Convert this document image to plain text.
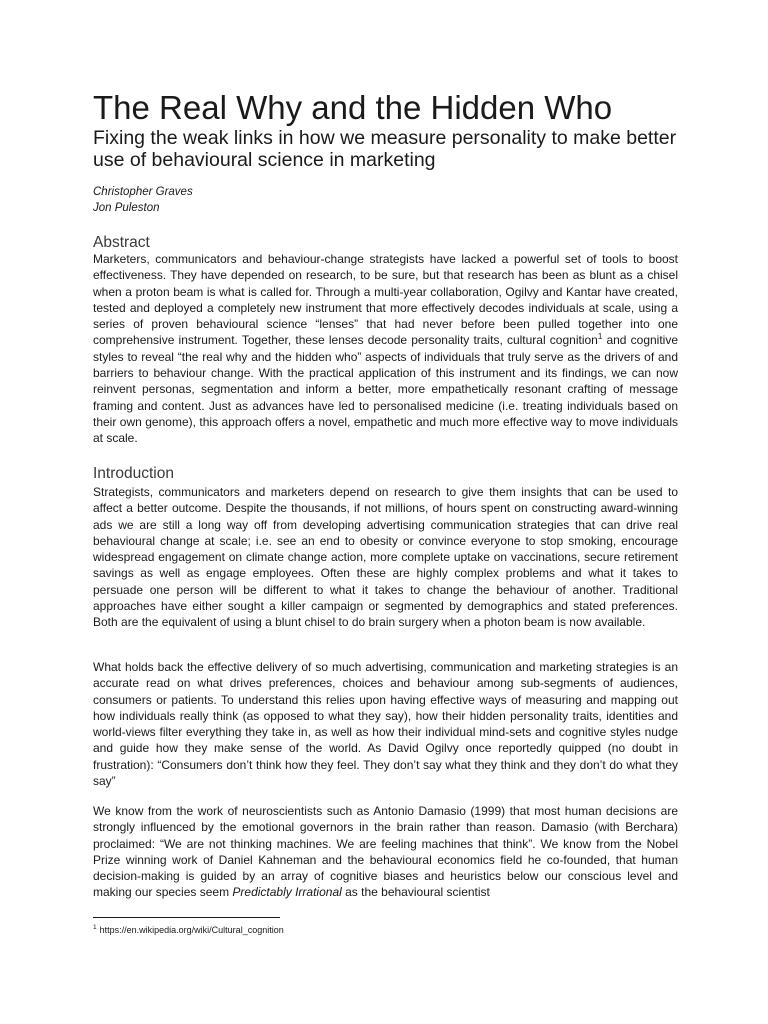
The Real Why and the Hidden Who
Fixing the weak links in how we measure personality to make better use of behavioural science in marketing
Christopher Graves
Jon Puleston
Abstract

Marketers, communicators and behaviour-change strategists have lacked a powerful set of tools to boost effectiveness. They have depended on research, to be sure, but that research has been as blunt as a chisel when a proton beam is what is called for. Through a multi-year collaboration, Ogilvy and Kantar have created, tested and deployed a completely new instrument that more effectively decodes individuals at scale, using a series of proven behavioural science “lenses” that had never before been pulled together into one comprehensive instrument. Together, these lenses decode personality traits, cultural cognition$^1$ and cognitive styles to reveal “the real why and the hidden who” aspects of individuals that truly serve as the drivers of and barriers to behaviour change. With the practical application of this instrument and its findings, we can now reinvent personas, segmentation and inform a better, more empathetically resonant crafting of message framing and content. Just as advances have led to personalised medicine (i.e. treating individuals based on their own genome), this approach offers a novel, empathetic and much more effective way to move individuals at scale.

Introduction

Strategists, communicators and marketers depend on research to give them insights that can be used to affect a better outcome. Despite the thousands, if not millions, of hours spent on constructing award-winning ads we are still a long way off from developing advertising communication strategies that can drive real behavioural change at scale; i.e. see an end to obesity or convince everyone to stop smoking, encourage widespread engagement on climate change action, more complete uptake on vaccinations, secure retirement savings as well as engage employees. Often these are highly complex problems and what it takes to persuade one person will be different to what it takes to change the behaviour of another. Traditional approaches have either sought a killer campaign or segmented by demographics and stated preferences. Both are the equivalent of using a blunt chisel to do brain surgery when a photon beam is now available.

What holds back the effective delivery of so much advertising, communication and marketing strategies is an accurate read on what drives preferences, choices and behaviour among sub-segments of audiences, consumers or patients. To understand this relies upon having effective ways of measuring and mapping out how individuals really think (as opposed to what they say), how their hidden personality traits, identities and world-views filter everything they take in, as well as how their individual mind-sets and cognitive styles nudge and guide how they make sense of the world. As David Ogilvy once reportedly quipped (no doubt in frustration): “Consumers don’t think how they feel. They don’t say what they think and they don’t do what they say”

We know from the work of neuroscientists such as Antonio Damasio (1999) that most human decisions are strongly influenced by the emotional governors in the brain rather than reason. Damasio (with Berchara) proclaimed: “We are not thinking machines. We are feeling machines that think”. We know from the Nobel Prize winning work of Daniel Kahneman and the behavioural economics field he co-founded, that human decision-making is guided by an array of cognitive biases and heuristics below our conscious level and making our species seem Predictably Irrational as the behavioural scientist

$^1$ https://en.wikipedia.org/wiki/Cultural_cognition
